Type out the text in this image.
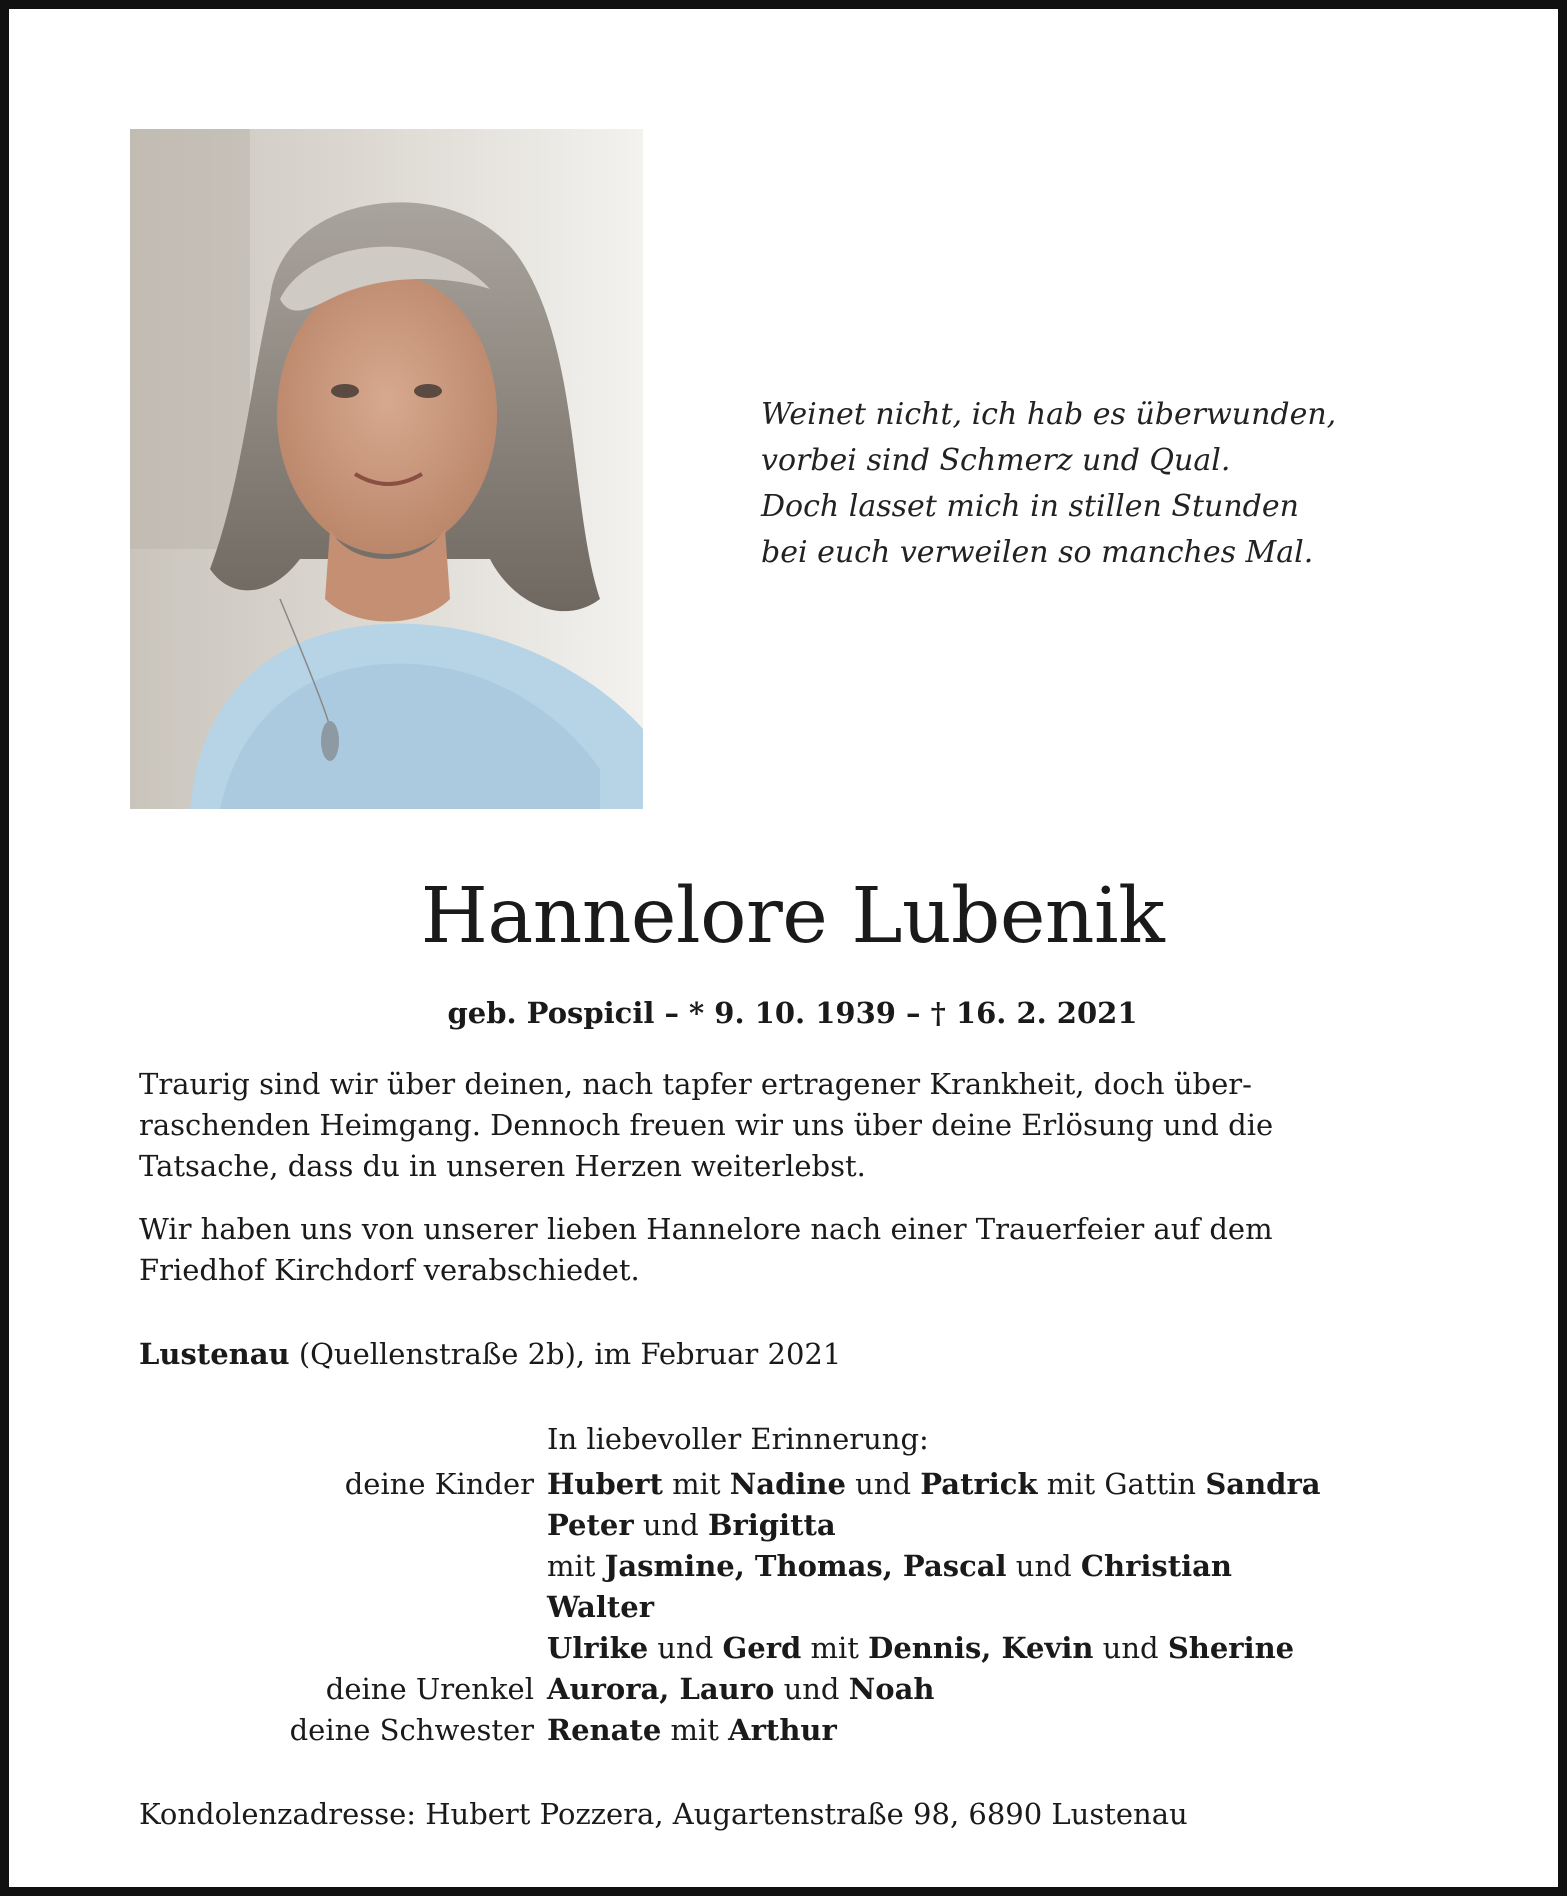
Weinet nicht, ich hab es überwunden,
vorbei sind Schmerz und Qual.
Doch lasset mich in stillen Stunden
bei euch verweilen so manches Mal.
Hannelore Lubenik
geb. Pospicil – * 9. 10. 1939 – † 16. 2. 2021
Traurig sind wir über deinen, nach tapfer ertragener Krankheit, doch über-
raschenden Heimgang. Dennoch freuen wir uns über deine Erlösung und die
Tatsache, dass du in unseren Herzen weiterlebst.
Wir haben uns von unserer lieben Hannelore nach einer Trauerfeier auf dem
Friedhof Kirchdorf verabschiedet.
Lustenau (Quellenstraße 2b), im Februar 2021
In liebevoller Erinnerung:
deine Kinder Hubert mit Nadine und Patrick mit Gattin Sandra
Peter und Brigitta
mit Jasmine, Thomas, Pascal und Christian
Walter
Ulrike und Gerd mit Dennis, Kevin und Sherine
deine Urenkel Aurora, Lauro und Noah
deine Schwester Renate mit Arthur
Kondolenzadresse: Hubert Pozzera, Augartenstraße 98, 6890 Lustenau
